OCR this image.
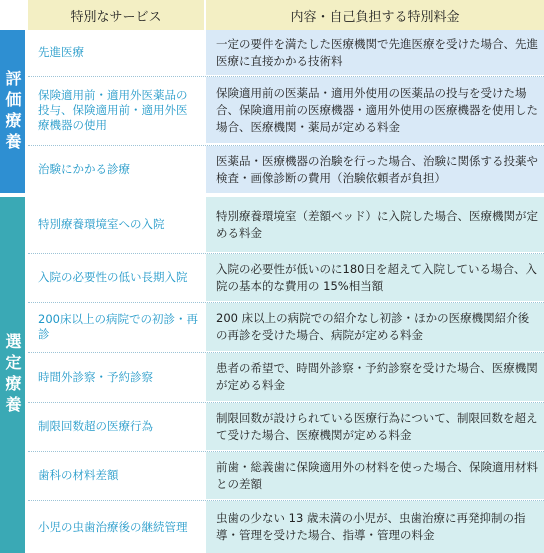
特別なサービス	内容・自己負担する特別料金
評価療養
選定療養
先進医療
一定の要件を満たした医療機関で先進医療を受けた場合、先進医療に直接かかる技術料
保険適用前・適用外医薬品の投与、保険適用前・適用外医療機器の使用
保険適用前の医薬品・適用外使用の医薬品の投与を受けた場合、保険適用前の医療機器・適用外使用の医療機器を使用した場合、医療機関・薬局が定める料金
治験にかかる診療
医薬品・医療機器の治験を行った場合、治験に関係する投薬や検査・画像診断の費用（治験依頼者が負担）
特別療養環境室への入院
特別療養環境室（差額ベッド）に入院した場合、医療機関が定める料金
入院の必要性の低い長期入院
入院の必要性が低いのに180日を超えて入院している場合、入院の基本的な費用の 15%相当額
200床以上の病院での初診・再診
200 床以上の病院での紹介なし初診・ほかの医療機関紹介後の再診を受けた場合、病院が定める料金
時間外診察・予約診察
患者の希望で、時間外診察・予約診察を受けた場合、医療機関が定める料金
制限回数超の医療行為
制限回数が設けられている医療行為について、制限回数を超えて受けた場合、医療機関が定める料金
歯科の材料差額
前歯・総義歯に保険適用外の材料を使った場合、保険適用材料との差額
小児の虫歯治療後の継続管理
虫歯の少ない 13 歳未満の小児が、虫歯治療に再発抑制の指導・管理を受けた場合、指導・管理の料金
